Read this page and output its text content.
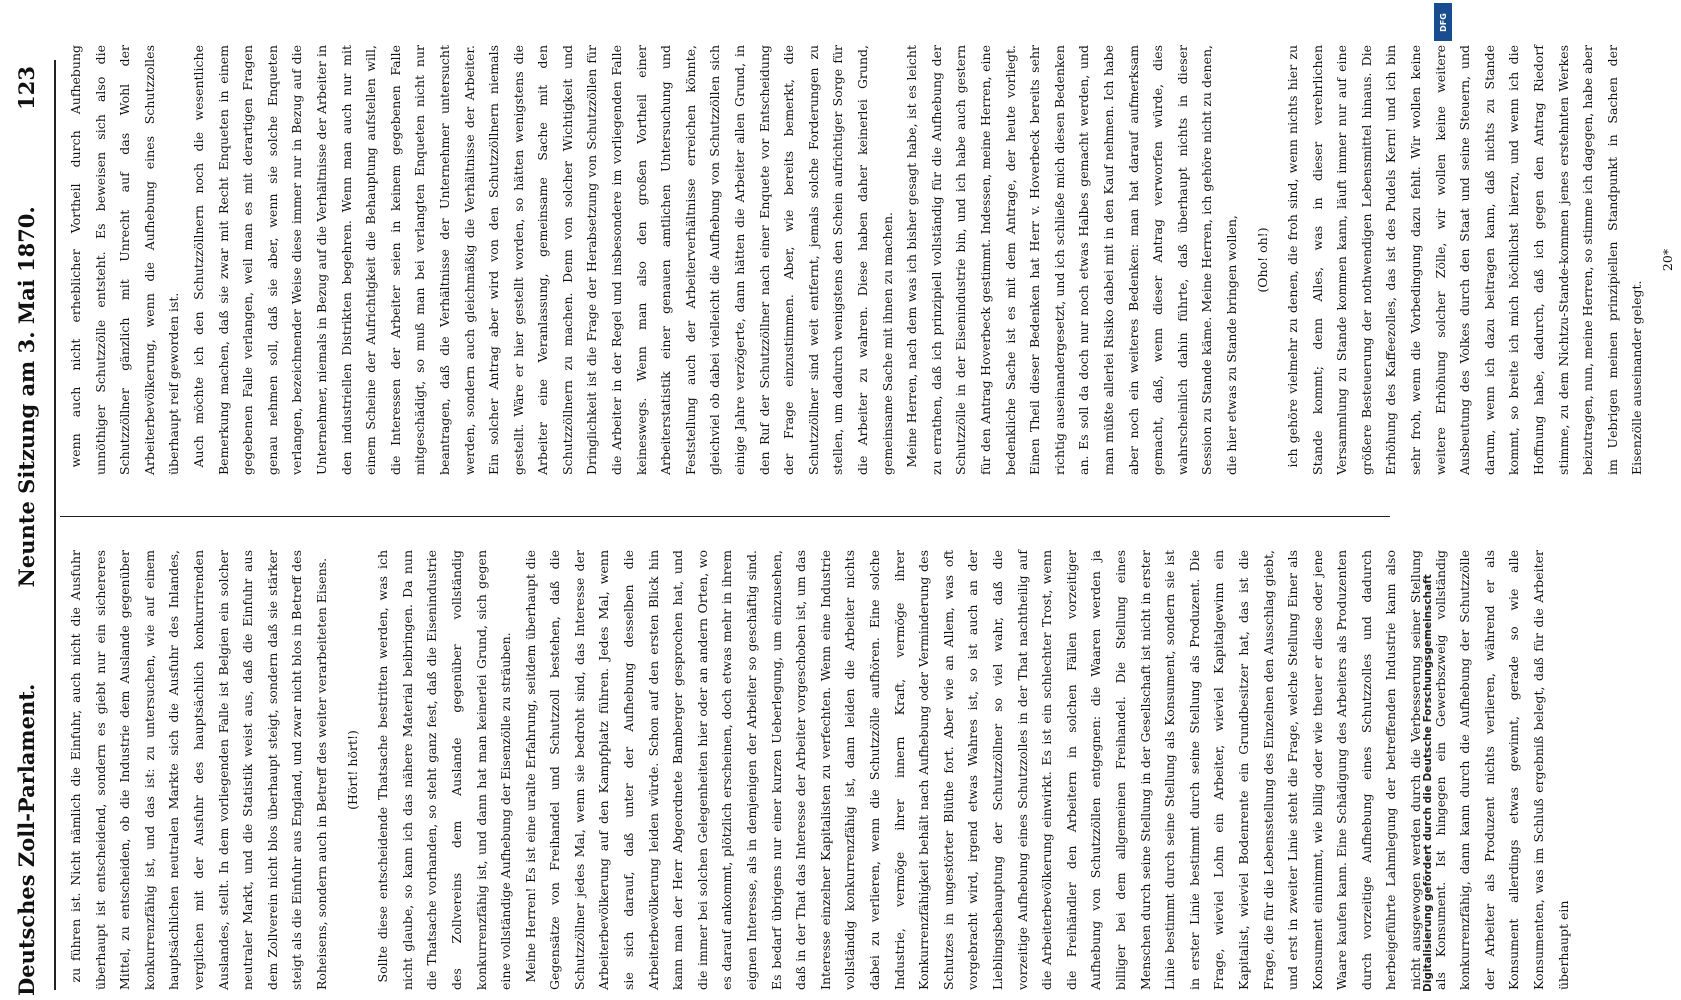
Deutsches Zoll-Parlament.
Neunte Sitzung am 3. Mai 1870.
123

zu führen ist. Nicht nämlich die Einfuhr, auch nicht die Ausfuhr überhaupt ist entscheidend, sondern es giebt nur ein sichereres Mittel, zu entscheiden, ob die Industrie dem Auslande gegenüber konkurrenzfähig ist, und das ist: zu untersuchen, wie auf einem hauptsächlichen neutralen Markte sich die Ausfuhr des Inlandes, verglichen mit der Ausfuhr des hauptsächlich konkurrirenden Auslandes, stellt. In dem vorliegenden Falle ist Belgien ein solcher neutraler Markt, und die Statistik weist aus, daß die Einfuhr aus dem Zollverein nicht blos überhaupt steigt, sondern daß sie stärker steigt als die Einfuhr aus England, und zwar nicht blos in Betreff des Roheisens, sondern auch in Betreff des weiter verarbeiteten Eisens.	(Hört! hört!)	Sollte diese entscheidende Thatsache bestritten werden, was ich nicht glaube, so kann ich das nähere Material beibringen. Da nun die Thatsache vorhanden, so steht ganz fest, daß die Eisenindustrie des Zollvereins dem Auslande gegenüber vollständig konkurrenzfähig ist, und dann hat man keinerlei Grund, sich gegen eine vollständige Aufhebung der Eisenzölle zu sträuben. Meine Herren! Es ist eine uralte Erfahrung, seitdem überhaupt die Gegensätze von Freihandel und Schutzzoll bestehen, daß die Schutzzöllner jedes Mal, wenn sie bedroht sind, das Interesse der Arbeiterbevölkerung auf den Kampfplatz führen. Jedes Mal, wenn sie sich darauf, daß unter der Aufhebung desselben die Arbeiterbevölkerung leiden würde. Schon auf den ersten Blick hin kann man der Herr Abgeordnete Bamberger gesprochen hat, und die immer bei solchen Gelegenheiten hier oder an andern Orten, wo es darauf ankommt, plötzlich erscheinen, doch etwas mehr in ihrem eignen Interesse, als in demjenigen der Arbeiter so geschäftig sind. Es bedarf übrigens nur einer kurzen Ueberlegung, um einzusehen, daß in der That das Interesse der Arbeiter vorgeschoben ist, um das Interesse einzelner Kapitalisten zu verfechten. Wenn eine Industrie vollständig konkurrenzfähig ist, dann leiden die Arbeiter nichts dabei zu verlieren, wenn die Schutzzölle aufhören. Eine solche Industrie, vermöge ihrer innern Kraft, vermöge ihrer Konkurrenzfähigkeit behält nach Aufhebung oder Verminderung des Schutzes in ungestörter Blüthe fort. Aber wie an Allem, was oft vorgebracht wird, irgend etwas Wahres ist, so ist auch an der Lieblingsbehauptung der Schutzzöllner so viel wahr, daß die vorzeitige Aufhebung eines Schutzzolles in der That nachtheilig auf die Arbeiterbevölkerung einwirkt. Es ist ein schlechter Trost, wenn die Freihändler den Arbeitern in solchen Fällen vorzeitiger Aufhebung von Schutzzöllen entgegnen: die Waaren werden ja billiger bei dem allgemeinen Freihandel. Die Stellung eines Menschen durch seine Stellung in der Gesellschaft ist nicht in erster Linie bestimmt durch seine Stellung als Konsument, sondern sie ist in erster Linie bestimmt durch seine Stellung als Produzent. Die Frage, wieviel Lohn ein Arbeiter, wieviel Kapitalgewinn ein Kapitalist, wieviel Bodenrente ein Grundbesitzer hat, das ist die Frage, die für die Lebensstellung des Einzelnen den Ausschlag giebt, und erst in zweiter Linie steht die Frage, welche Stellung Einer als Konsument einnimmt, wie billig oder wie theuer er diese oder jene Waare kaufen kann. Eine Schädigung des Arbeiters als Produzenten durch vorzeitige Aufhebung eines Schutzzolles und dadurch herbeigeführte Lahmlegung der betreffenden Industrie kann also nicht ausgewogen werden durch die Verbesserung seiner Stellung als Konsument. Ist hingegen ein Gewerbszweig vollständig konkurrenzfähig, dann kann durch die Aufhebung der Schutzzölle der Arbeiter als Produzent nichts verlieren, während er als Konsument allerdings etwas gewinnt, gerade so wie alle Konsumenten, was im Schluß ergebniß belegt, daß für die Arbeiter überhaupt ein

wenn auch nicht erheblicher Vortheil durch Aufhebung unnöthiger Schutzzölle entsteht. Es beweisen sich also die Schutzzöllner gänzlich mit Unrecht auf das Wohl der Arbeiterbevölkerung, wenn die Aufhebung eines Schutzzolles überhaupt reif geworden ist. Auch möchte ich den Schutzzöllnern noch die wesentliche Bemerkung machen, daß sie zwar mit Recht Enqueten in einem gegebenen Falle verlangen, weil man es mit derartigen Fragen genau nehmen soll, daß sie aber, wenn sie solche Enqueten verlangen, bezeichnender Weise diese immer nur in Bezug auf die Unternehmer, niemals in Bezug auf die Verhältnisse der Arbeiter in den industriellen Distrikten begehren. Wenn man auch nur mit einem Scheine der Aufrichtigkeit die Behauptung aufstellen will, die Interessen der Arbeiter seien in keinem gegebenen Falle mitgeschädigt, so muß man bei verlangten Enqueten nicht nur beantragen, daß die Verhältnisse der Unternehmer untersucht werden, sondern auch gleichmäßig die Verhältnisse der Arbeiter. Ein solcher Antrag aber wird von den Schutzzöllnern niemals gestellt. Wäre er hier gestellt worden, so hätten wenigstens die Arbeiter eine Veranlassung, gemeinsame Sache mit den Schutzzöllnern zu machen. Denn von solcher Wichtigkeit und Dringlichkeit ist die Frage der Herabsetzung von Schutzzöllen für die Arbeiter in der Regel und insbesondere im vorliegenden Falle keineswegs. Wenn man also den großen Vortheil einer Arbeiterstatistik einer genauen amtlichen Untersuchung und Feststellung auch der Arbeiterverhältnisse erreichen könnte, gleichviel ob dabei vielleicht die Aufhebung von Schutzzöllen sich einige Jahre verzögerte, dann hätten die Arbeiter allen Grund, in den Ruf der Schutzzöllner nach einer Enquete vor Entscheidung der Frage einzustimmen. Aber, wie bereits bemerkt, die Schutzzöllner sind weit entfernt, jemals solche Forderungen zu stellen, um dadurch wenigstens den Schein aufrichtiger Sorge für die Arbeiter zu wahren. Diese haben daher keinerlei Grund, gemeinsame Sache mit ihnen zu machen. Meine Herren, nach dem was ich bisher gesagt habe, ist es leicht zu errathen, daß ich prinzipiell vollständig für die Aufhebung der Schutzzölle in der Eisenindustrie bin, und ich habe auch gestern für den Antrag Hoverbeck gestimmt. Indessen, meine Herren, eine bedenkliche Sache ist es mit dem Antrage, der heute vorliegt. Einen Theil dieser Bedenken hat Herr v. Hoverbeck bereits sehr richtig auseinandergesetzt, und ich schließe mich diesen Bedenken an. Es soll da doch nur noch etwas Halbes gemacht werden, und man müßte allerlei Risiko dabei mit in den Kauf nehmen. Ich habe aber noch ein weiteres Bedenken: man hat darauf aufmerksam gemacht, daß, wenn dieser Antrag verworfen würde, dies wahrscheinlich dahin führte, daß überhaupt nichts in dieser Session zu Stande käme. Meine Herren, ich gehöre nicht zu denen, die hier etwas zu Stande bringen wollen,	(Oho! oh!)	ich gehöre vielmehr zu denen, die froh sind, wenn nichts hier zu Stande kommt; denn Alles, was in dieser verehrlichen Versammlung zu Stande kommen kann, läuft immer nur auf eine größere Besteuerung der nothwendigen Lebensmittel hinaus. Die Erhöhung des Kaffeezolles, das ist des Pudels Kern! und ich bin sehr froh, wenn die Vorbedingung dazu fehlt. Wir wollen keine weitere Erhöhung solcher Zölle, wir wollen keine weitere Ausbeutung des Volkes durch den Staat und seine Steuern, und darum, wenn ich dazu beitragen kann, daß nichts zu Stande kommt, so breite ich mich höchlichst hierzu, und wenn ich die Hoffnung habe, dadurch, daß ich gegen den Antrag Riedorf stimme, zu dem Nichtzu-Stande-kommen jenes erstehnten Werkes beizutragen, nun, meine Herren, so stimme ich dagegen, habe aber im Uebrigen meinen prinzipiellen Standpunkt in Sachen der Eisenzölle auseinander gelegt.

20*

Digitalisierung gefördert durch die Deutsche Forschungsgemeinschaft
DFG
